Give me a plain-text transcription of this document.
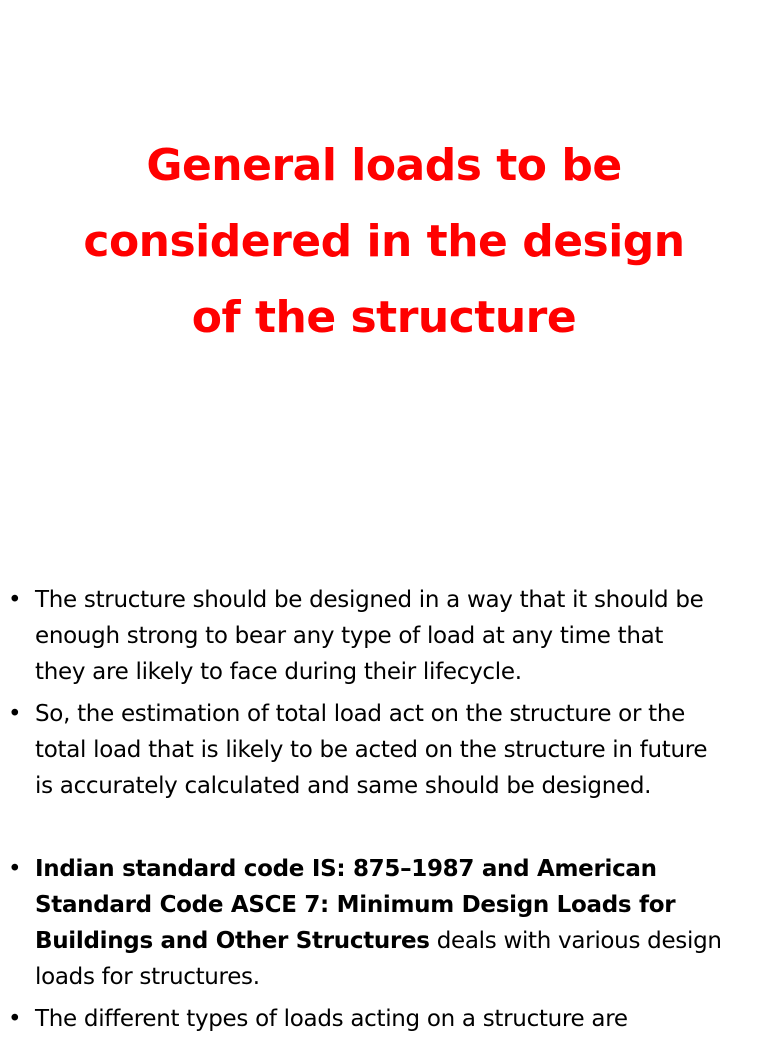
General loads to be
considered in the design
of the structure
• The structure should be designed in a way that it should be
enough strong to bear any type of load at any time that
they are likely to face during their lifecycle.
• So, the estimation of total load act on the structure or the
total load that is likely to be acted on the structure in future
is accurately calculated and same should be designed.
• Indian standard code IS: 875–1987 and American
Standard Code ASCE 7: Minimum Design Loads for
Buildings and Other Structures deals with various design
loads for structures.
• The different types of loads acting on a structure are
